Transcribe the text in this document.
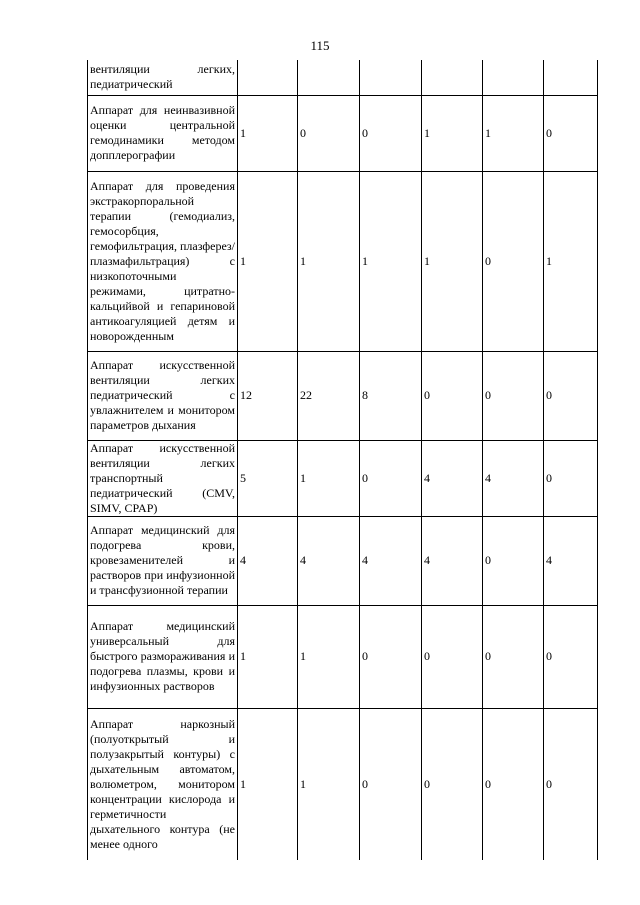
115
вентиляции легких, педиатрический						
Аппарат для неинвазивной оценки центральной гемодинамики методом допплерографии	1	0	0	1	1	0
Аппарат для проведения экстракорпоральной терапии (гемодиализ, гемосорбция, гемофильтрация, плазферез/плазмафильтрация) с низкопоточными режимами, цитратно-кальцийвой и гепариновой антикоагуляцией детям и новорожденным	1	1	1	1	0	1
Аппарат искусственной вентиляции легких педиатрический с увлажнителем и монитором параметров дыхания	12	22	8	0	0	0
Аппарат искусственной вентиляции легких транспортный педиатрический (CMV, SIMV, CPAP)	5	1	0	4	4	0
Аппарат медицинский для подогрева крови, кровезаменителей и растворов при инфузионной и трансфузионной терапии	4	4	4	4	0	4
Аппарат медицинский универсальный для быстрого размораживания и подогрева плазмы, крови и инфузионных растворов	1	1	0	0	0	0
Аппарат наркозный (полуоткрытый и полузакрытый контуры) с дыхательным автоматом, волюметром, монитором концентрации кислорода и герметичности дыхательного контура (не менее одного	1	1	0	0	0	0
